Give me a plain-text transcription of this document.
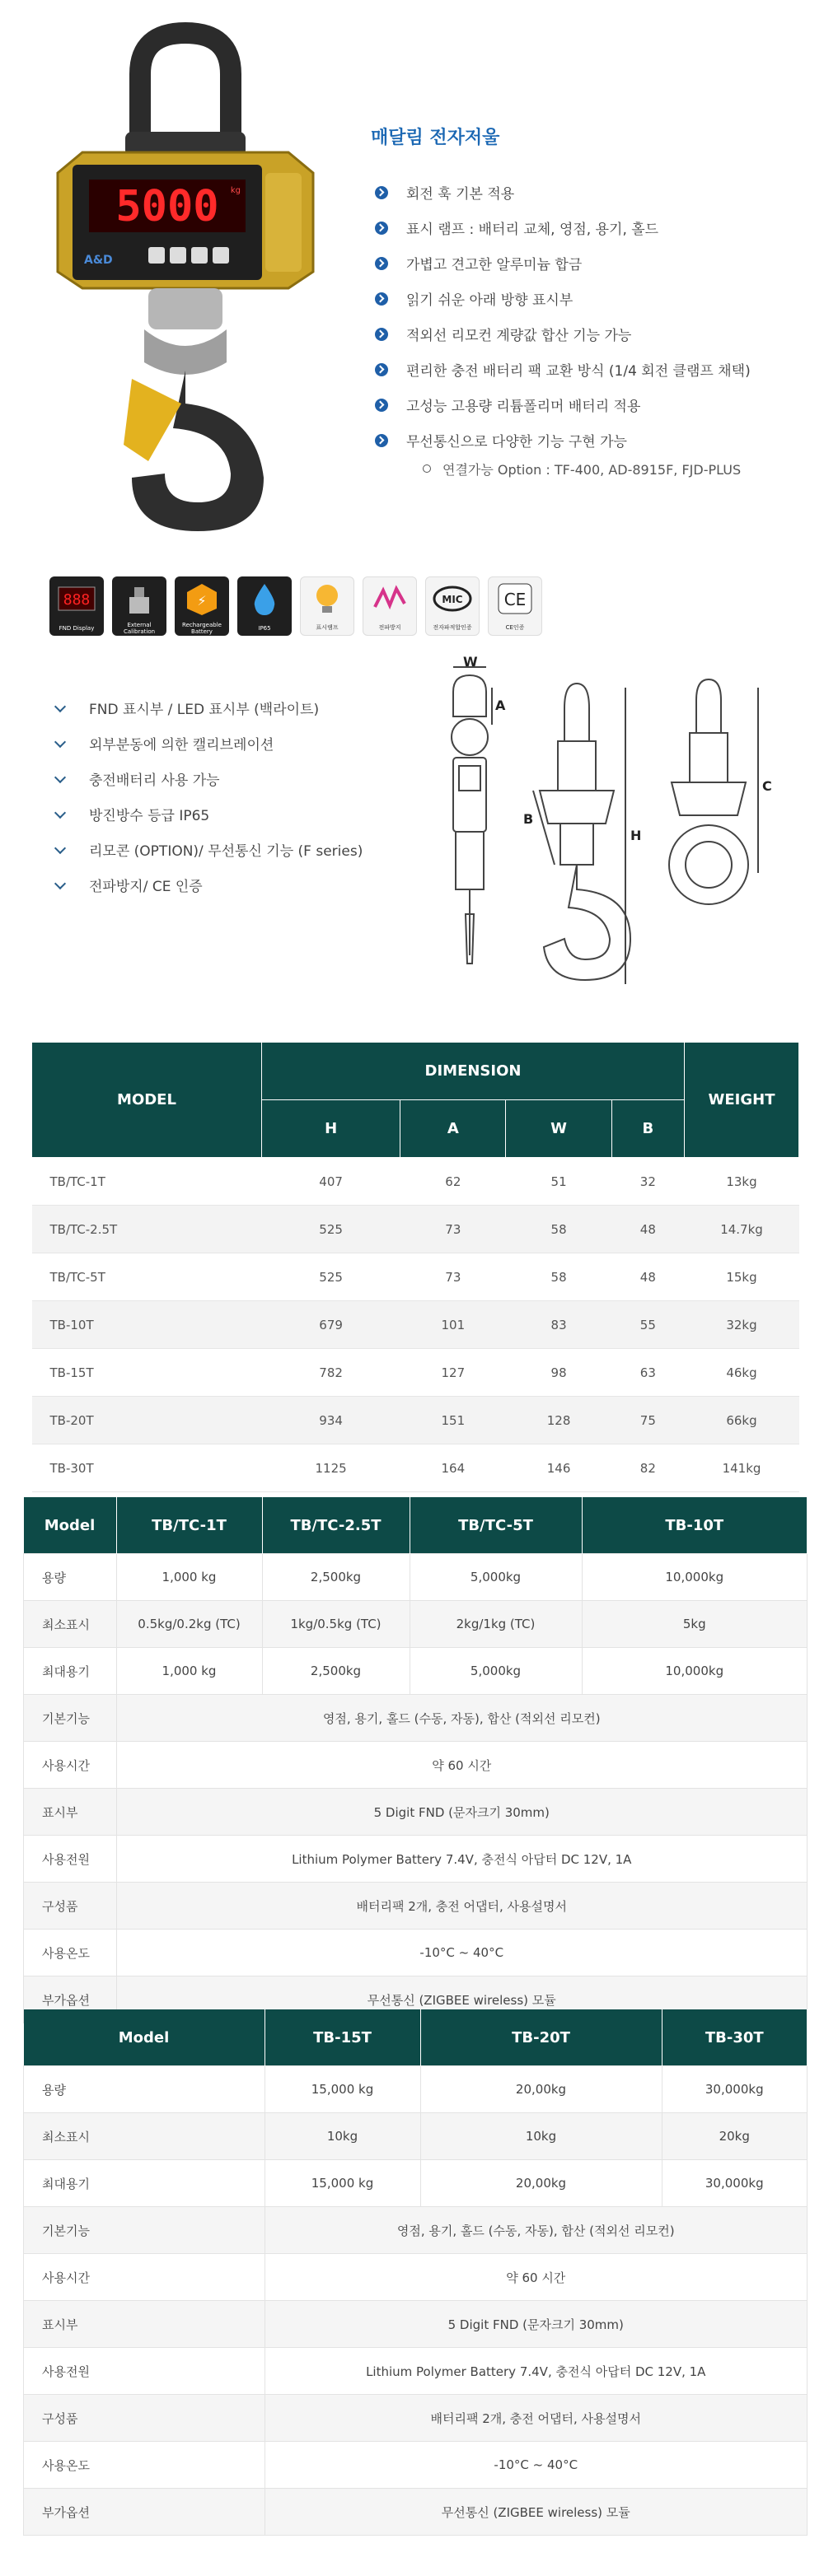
5000 kg
A&D
매달림 전자저울
회전 훅 기본 적용
표시 램프 : 배터리 교체, 영점, 용기, 홀드
가볍고 견고한 알루미늄 합금
읽기 쉬운 아래 방향 표시부
적외선 리모컨 계량값 합산 기능 가능
편리한 충전 배터리 팩 교환 방식 (1/4 회전 클램프 채택)
고성능 고용량 리튬폴리머 배터리 적용
무선통신으로 다양한 기능 구현 가능
연결가능 Option : TF-400, AD-8915F, FJD-PLUS
888
FND Display	External Calibration
⚡
Rechargeable Battery	IP65	표시램프	전파방지
MIC
전자파적합인증
CE
CE인증
FND 표시부 / LED 표시부 (백라이트)
외부분동에 의한 캘리브레이션
충전배터리 사용 가능
방진방수 등급 IP65
리모콘 (OPTION)/ 무선통신 기능 (F series)
전파방지/ CE 인증
W
A
H
B
C
MODEL	DIMENSION				WEIGHT
	H	A	W	B	
TB/TC-1T	407	62	51	32	13kg
TB/TC-2.5T	525	73	58	48	14.7kg
TB/TC-5T	525	73	58	48	15kg
TB-10T	679	101	83	55	32kg
TB-15T	782	127	98	63	46kg
TB-20T	934	151	128	75	66kg
TB-30T	1125	164	146	82	141kg
Model	TB/TC-1T	TB/TC-2.5T	TB/TC-5T	TB-10T
용량	1,000 kg	2,500kg	5,000kg	10,000kg
최소표시	0.5kg/0.2kg (TC)	1kg/0.5kg (TC)	2kg/1kg (TC)	5kg
최대용기	1,000 kg	2,500kg	5,000kg	10,000kg
기본기능	영점, 용기, 홀드 (수동, 자동), 합산 (적외선 리모컨)			
사용시간	약 60 시간			
표시부	5 Digit FND (문자크기 30mm)			
사용전원	Lithium Polymer Battery 7.4V, 충전식 아답터 DC 12V, 1A			
구성품	배터리팩 2개, 충전 어댑터, 사용설명서			
사용온도	-10°C ~ 40°C			
부가옵션	무선통신 (ZIGBEE wireless) 모듈			
Model	TB-15T	TB-20T	TB-30T
용량	15,000 kg	20,00kg	30,000kg
최소표시	10kg	10kg	20kg
최대용기	15,000 kg	20,00kg	30,000kg
기본기능	영점, 용기, 홀드 (수동, 자동), 합산 (적외선 리모컨)		
사용시간	약 60 시간		
표시부	5 Digit FND (문자크기 30mm)		
사용전원	Lithium Polymer Battery 7.4V, 충전식 아답터 DC 12V, 1A		
구성품	배터리팩 2개, 충전 어댑터, 사용설명서		
사용온도	-10°C ~ 40°C		
부가옵션	무선통신 (ZIGBEE wireless) 모듈		
